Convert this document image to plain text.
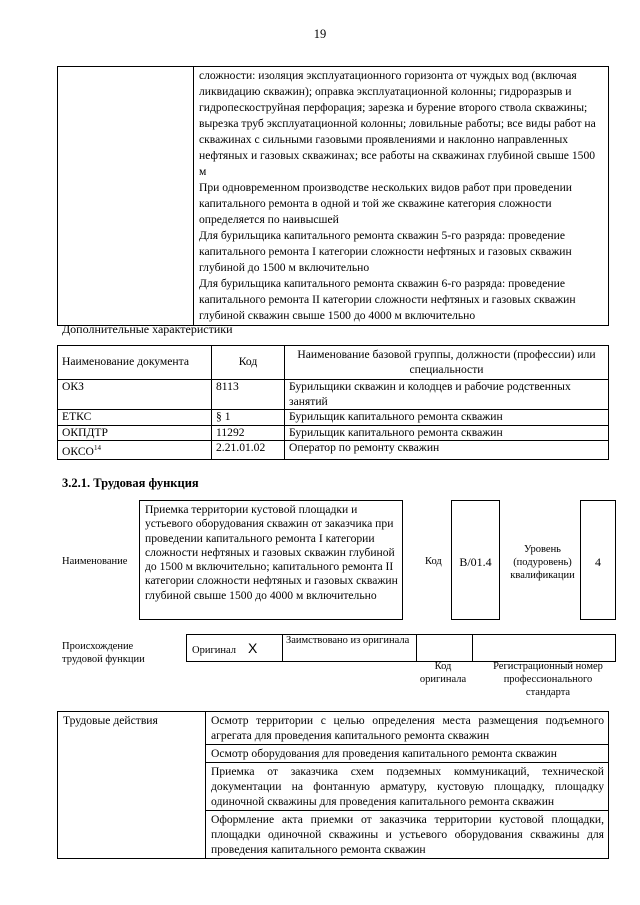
19

сложности: изоляция эксплуатационного горизонта от чуждых вод (включая ликвидацию скважин); оправка эксплуатационной колонны; гидроразрыв и гидропескоструйная перфорация; зарезка и бурение второго ствола скважины; вырезка труб эксплуатационной колонны; ловильные работы; все виды работ на скважинах с сильными газовыми проявлениями и наклонно направленных нефтяных и газовых скважинах; все работы на скважинах глубиной свыше 1500 м

При одновременном производстве нескольких видов работ при проведении капитального ремонта в одной и той же скважине категория сложности определяется по наивысшей

Для бурильщика капитального ремонта скважин 5-го разряда: проведение капитального ремонта I категории сложности нефтяных и газовых скважин глубиной до 1500 м включительно

Для бурильщика капитального ремонта скважин 6-го разряда: проведение капитального ремонта II категории сложности нефтяных и газовых скважин глубиной скважин свыше 1500 до 4000 м включительно

Дополнительные характеристики
Наименование документа	Код	Наименование базовой группы, должности (профессии) или специальности
ОКЗ	8113	Бурильщики скважин и колодцев и рабочие родственных занятий
ЕТКС	§ 1	Бурильщик капитального ремонта скважин
ОКПДТР	11292	Бурильщик капитального ремонта скважин
ОКСО$^{14}$	2.21.01.02	Оператор по ремонту скважин
3.2.1. Трудовая функция
Наименование
Приемка территории кустовой площадки и устьевого оборудования скважин от заказчика при проведении капитального ремонта I категории сложности нефтяных и газовых скважин глубиной до 1500 м включительно; капитального ремонта II категории сложности нефтяных и газовых скважин глубиной свыше 1500 до 4000 м включительно
Код	В/01.4
Уровень (подуровень) квалификации
4
Происхождение трудовой функции
Оригинал X	Заимствовано из оригинала		
Код оригинала
Регистрационный номер профессионального стандарта
Трудовые действия	Осмотр территории с целью определения места размещения подъемного агрегата для проведения капитального ремонта скважин
Осмотр оборудования для проведения капитального ремонта скважин
Приемка от заказчика схем подземных коммуникаций, технической документации на фонтанную арматуру, кустовую площадку, площадку одиночной скважины для проведения капитального ремонта скважин
Оформление акта приемки от заказчика территории кустовой площадки, площадки одиночной скважины и устьевого оборудования скважины для проведения капитального ремонта скважин
